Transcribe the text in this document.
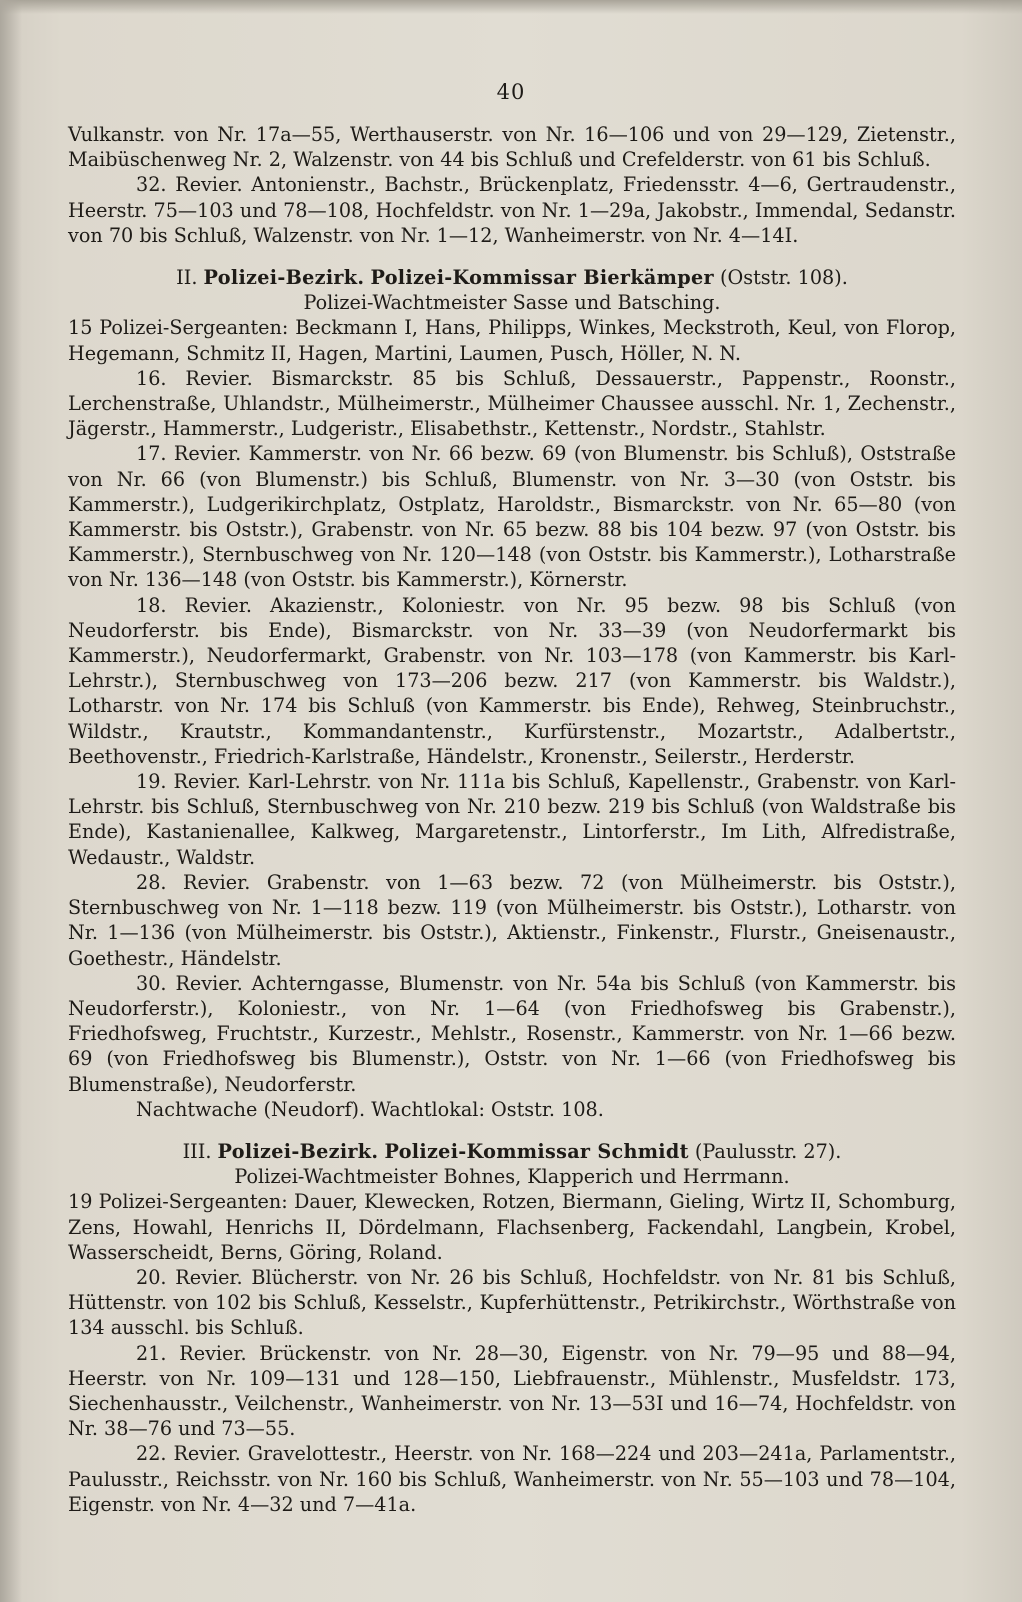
40

Vulkanstr. von Nr. 17a—55, Werthauserstr. von Nr. 16—106 und von 29—129, Zietenstr., Maibüschenweg Nr. 2, Walzenstr. von 44 bis Schluß und Crefelderstr. von 61 bis Schluß.

32. Revier. Antonienstr., Bachstr., Brückenplatz, Friedensstr. 4—6, Gertraudenstr., Heerstr. 75—103 und 78—108, Hochfeldstr. von Nr. 1—29a, Jakobstr., Immendal, Sedanstr. von 70 bis Schluß, Walzenstr. von Nr. 1—12, Wanheimerstr. von Nr. 4—14I.

II. Polizei-Bezirk. Polizei-Kommissar Bierkämper (Oststr. 108).

Polizei-Wachtmeister Sasse und Batsching.

15 Polizei-Sergeanten: Beckmann I, Hans, Philipps, Winkes, Meckstroth, Keul, von Florop, Hegemann, Schmitz II, Hagen, Martini, Laumen, Pusch, Höller, N. N.

16. Revier. Bismarckstr. 85 bis Schluß, Dessauerstr., Pappenstr., Roonstr., Lerchenstraße, Uhlandstr., Mülheimerstr., Mülheimer Chaussee ausschl. Nr. 1, Zechenstr., Jägerstr., Hammerstr., Ludgeristr., Elisabethstr., Kettenstr., Nordstr., Stahlstr.

17. Revier. Kammerstr. von Nr. 66 bezw. 69 (von Blumenstr. bis Schluß), Oststraße von Nr. 66 (von Blumenstr.) bis Schluß, Blumenstr. von Nr. 3—30 (von Oststr. bis Kammerstr.), Ludgerikirchplatz, Ostplatz, Haroldstr., Bismarckstr. von Nr. 65—80 (von Kammerstr. bis Oststr.), Grabenstr. von Nr. 65 bezw. 88 bis 104 bezw. 97 (von Oststr. bis Kammerstr.), Sternbuschweg von Nr. 120—148 (von Oststr. bis Kammerstr.), Lotharstraße von Nr. 136—148 (von Oststr. bis Kammerstr.), Körnerstr.

18. Revier. Akazienstr., Koloniestr. von Nr. 95 bezw. 98 bis Schluß (von Neudorferstr. bis Ende), Bismarckstr. von Nr. 33—39 (von Neudorfermarkt bis Kammerstr.), Neudorfermarkt, Grabenstr. von Nr. 103—178 (von Kammerstr. bis Karl-Lehrstr.), Sternbuschweg von 173—206 bezw. 217 (von Kammerstr. bis Waldstr.), Lotharstr. von Nr. 174 bis Schluß (von Kammerstr. bis Ende), Rehweg, Steinbruchstr., Wildstr., Krautstr., Kommandantenstr., Kurfürstenstr., Mozartstr., Adalbertstr., Beethovenstr., Friedrich-Karlstraße, Händelstr., Kronenstr., Seilerstr., Herderstr.

19. Revier. Karl-Lehrstr. von Nr. 111a bis Schluß, Kapellenstr., Grabenstr. von Karl-Lehrstr. bis Schluß, Sternbuschweg von Nr. 210 bezw. 219 bis Schluß (von Waldstraße bis Ende), Kastanienallee, Kalkweg, Margaretenstr., Lintorferstr., Im Lith, Alfredistraße, Wedaustr., Waldstr.

28. Revier. Grabenstr. von 1—63 bezw. 72 (von Mülheimerstr. bis Oststr.), Sternbuschweg von Nr. 1—118 bezw. 119 (von Mülheimerstr. bis Oststr.), Lotharstr. von Nr. 1—136 (von Mülheimerstr. bis Oststr.), Aktienstr., Finkenstr., Flurstr., Gneisenaustr., Goethestr., Händelstr.

30. Revier. Achterngasse, Blumenstr. von Nr. 54a bis Schluß (von Kammerstr. bis Neudorferstr.), Koloniestr., von Nr. 1—64 (von Friedhofsweg bis Grabenstr.), Friedhofsweg, Fruchtstr., Kurzestr., Mehlstr., Rosenstr., Kammerstr. von Nr. 1—66 bezw. 69 (von Friedhofsweg bis Blumenstr.), Oststr. von Nr. 1—66 (von Friedhofsweg bis Blumenstraße), Neudorferstr.

Nachtwache (Neudorf). Wachtlokal: Oststr. 108.

III. Polizei-Bezirk. Polizei-Kommissar Schmidt (Paulusstr. 27).

Polizei-Wachtmeister Bohnes, Klapperich und Herrmann.

19 Polizei-Sergeanten: Dauer, Klewecken, Rotzen, Biermann, Gieling, Wirtz II, Schomburg, Zens, Howahl, Henrichs II, Dördelmann, Flachsenberg, Fackendahl, Langbein, Krobel, Wasserscheidt, Berns, Göring, Roland.

20. Revier. Blücherstr. von Nr. 26 bis Schluß, Hochfeldstr. von Nr. 81 bis Schluß, Hüttenstr. von 102 bis Schluß, Kesselstr., Kupferhüttenstr., Petrikirchstr., Wörthstraße von 134 ausschl. bis Schluß.

21. Revier. Brückenstr. von Nr. 28—30, Eigenstr. von Nr. 79—95 und 88—94, Heerstr. von Nr. 109—131 und 128—150, Liebfrauenstr., Mühlenstr., Musfeldstr. 173, Siechenhausstr., Veilchenstr., Wanheimerstr. von Nr. 13—53I und 16—74, Hochfeldstr. von Nr. 38—76 und 73—55.

22. Revier. Gravelottestr., Heerstr. von Nr. 168—224 und 203—241a, Parlamentstr., Paulusstr., Reichsstr. von Nr. 160 bis Schluß, Wanheimerstr. von Nr. 55—103 und 78—104, Eigenstr. von Nr. 4—32 und 7—41a.
